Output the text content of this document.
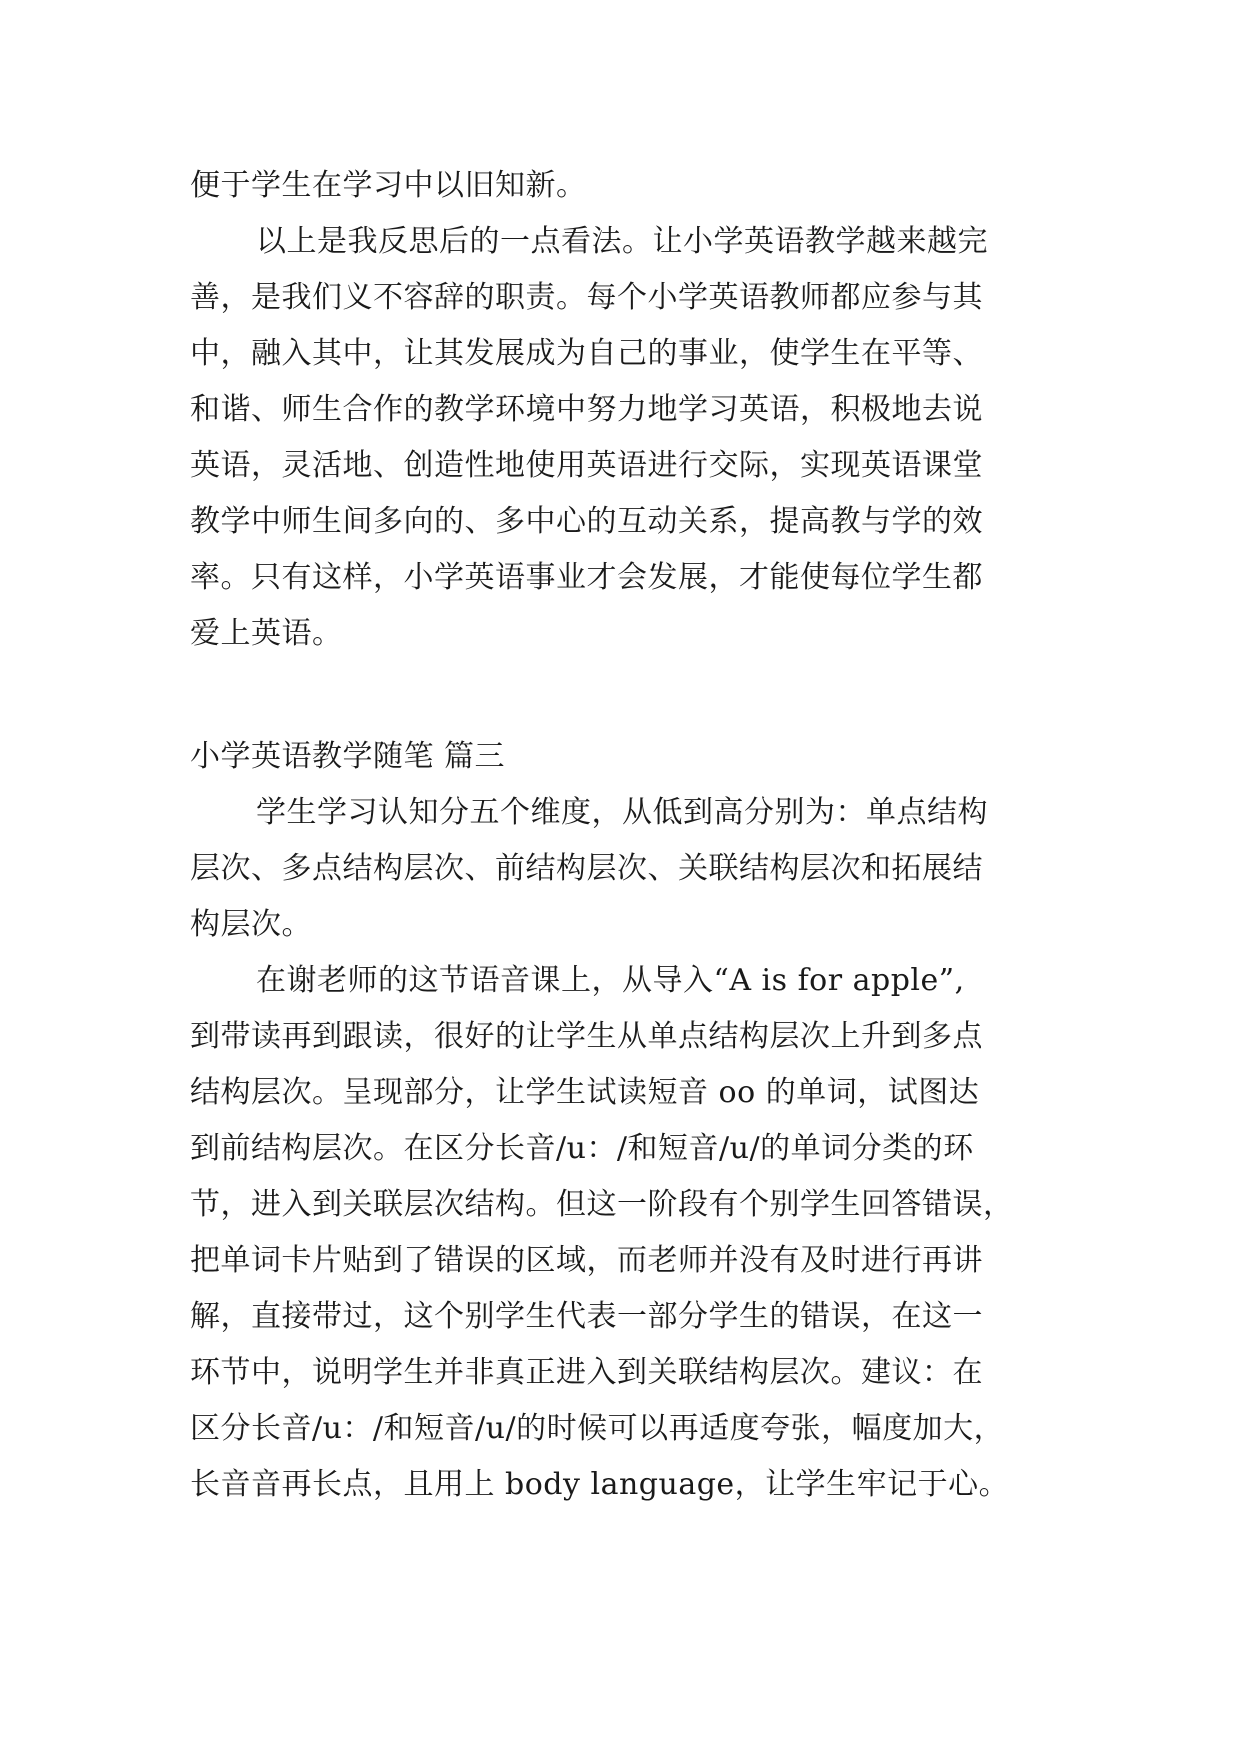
便于学生在学习中以旧知新。
以上是我反思后的一点看法。让小学英语教学越来越完
善，是我们义不容辞的职责。每个小学英语教师都应参与其
中，融入其中，让其发展成为自己的事业，使学生在平等、
和谐、师生合作的教学环境中努力地学习英语，积极地去说
英语，灵活地、创造性地使用英语进行交际，实现英语课堂
教学中师生间多向的、多中心的互动关系，提高教与学的效
率。只有这样，小学英语事业才会发展，才能使每位学生都
爱上英语。
小学英语教学随笔 篇三
学生学习认知分五个维度，从低到高分别为：单点结构
层次、多点结构层次、前结构层次、关联结构层次和拓展结
构层次。
在谢老师的这节语音课上，从导入“A is for apple”,
到带读再到跟读，很好的让学生从单点结构层次上升到多点
结构层次。呈现部分，让学生试读短音 oo 的单词，试图达
到前结构层次。在区分长音/u：/和短音/u/的单词分类的环
节，进入到关联层次结构。但这一阶段有个别学生回答错误，
把单词卡片贴到了错误的区域，而老师并没有及时进行再讲
解，直接带过，这个别学生代表一部分学生的错误，在这一
环节中，说明学生并非真正进入到关联结构层次。建议：在
区分长音/u：/和短音/u/的时候可以再适度夸张，幅度加大，
长音音再长点，且用上 body language，让学生牢记于心。
